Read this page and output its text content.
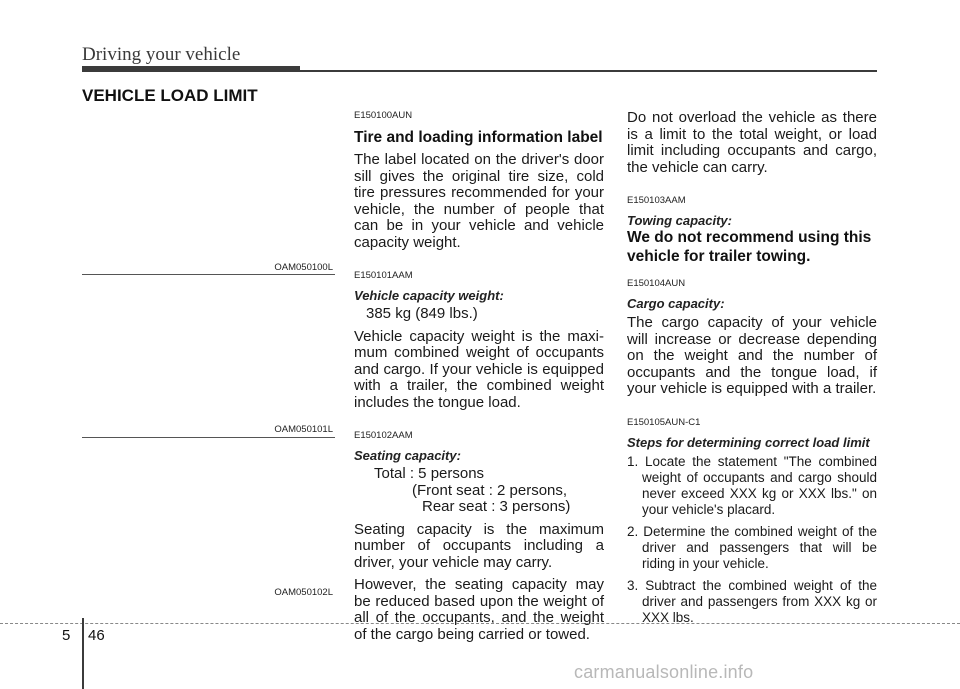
Driving your vehicle
VEHICLE LOAD LIMIT
OAM050100L
OAM050101L
OAM050102L

E150100AUN

Tire and loading information label

The label located on the driver's door sill gives the original tire size, cold tire pressures recommended for your vehicle, the number of people that can be in your vehicle and vehicle capacity weight.

E150101AAM

Vehicle capacity weight:

385 kg (849 lbs.)

Vehicle capacity weight is the maxi-mum combined weight of occupants and cargo. If your vehicle is equipped with a trailer, the combined weight includes the tongue load.

E150102AAM

Seating capacity:

Total : 5 persons

(Front seat : 2 persons,

Rear seat : 3 persons)

Seating capacity is the maximum number of occupants including a driver, your vehicle may carry.

However, the seating capacity may be reduced based upon the weight of all of the occupants, and the weight of the cargo being carried or towed.

Do not overload the vehicle as there is a limit to the total weight, or load limit including occupants and cargo, the vehicle can carry.

E150103AAM

Towing capacity:

We do not recommend using this

vehicle for trailer towing.

E150104AUN

Cargo capacity:

The cargo capacity of your vehicle will increase or decrease depending on the weight and the number of occupants and the tongue load, if your vehicle is equipped with a trailer.

E150105AUN-C1

Steps for determining correct load limit

1. Locate the statement "The combined weight of occupants and cargo should never exceed XXX kg or XXX lbs." on your vehicle's placard.
2. Determine the combined weight of the driver and passengers that will be riding in your vehicle.
3. Subtract the combined weight of the driver and passengers from XXX kg or XXX lbs.
5 46
carmanualsonline.info
